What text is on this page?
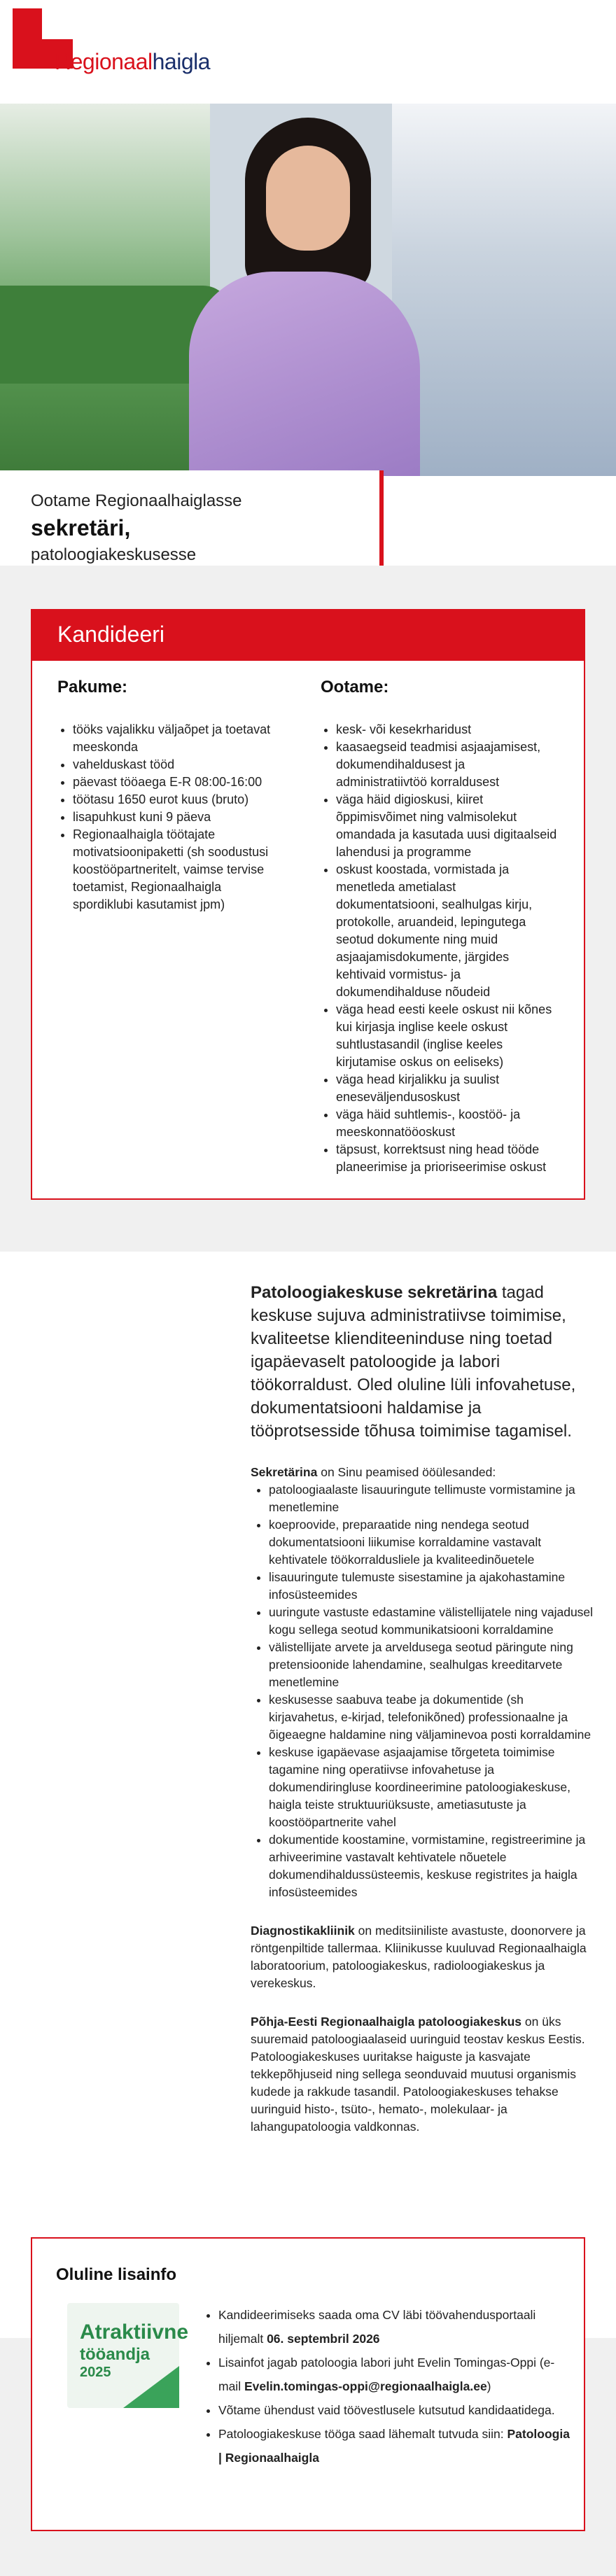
Regionaalhaigla
Ootame Regionaalhaiglasse
sekretäri,
patoloogiakeskusesse
Kandideeri
Pakume:
• tööks vajalikku väljaõpet ja toetavat meeskonda
• vahelduskast tööd
• päevast tööaega E-R 08:00-16:00
• töötasu 1650 eurot kuus (bruto)
• lisapuhkust kuni 9 päeva
• Regionaalhaigla töötajate motivatsioonipaketti (sh soodustusi koostööpartneritelt, vaimse tervise toetamist, Regionaalhaigla spordiklubi kasutamist jpm)
Ootame:
• kesk- või kesekrharidust
• kaasaegseid teadmisi asjaajamisest, dokumendihaldusest ja administratiivtöö korraldusest
• väga häid digioskusi, kiiret õppimisvõimet ning valmisolekut omandada ja kasutada uusi digitaalseid lahendusi ja programme
• oskust koostada, vormistada ja menetleda ametialast dokumentatsiooni, sealhulgas kirju, protokolle, aruandeid, lepingutega seotud dokumente ning muid asjaajamisdokumente, järgides kehtivaid vormistus- ja dokumendihalduse nõudeid
• väga head eesti keele oskust nii kõnes kui kirjasja inglise keele oskust suhtlustasandil (inglise keeles kirjutamise oskus on eeliseks)
• väga head kirjalikku ja suulist eneseväljendusoskust
• väga häid suhtlemis-, koostöö- ja meeskonnatööoskust
• täpsust, korrektsust ning head tööde planeerimise ja prioriseerimise oskust

Patoloogiakeskuse sekretärina tagad keskuse sujuva administratiivse toimimise, kvaliteetse klienditeeninduse ning toetad igapäevaselt patoloogide ja labori töökorraldust. Oled oluline lüli infovahetuse, dokumentatsiooni haldamise ja tööprotsesside tõhusa toimimise tagamisel.

Sekretärina on Sinu peamised ööülesanded:

• patoloogiaalaste lisauuringute tellimuste vormistamine ja menetlemine
• koeproovide, preparaatide ning nendega seotud dokumentatsiooni liikumise korraldamine vastavalt kehtivatele töökorraldusliele ja kvaliteedinõuetele
• lisauuringute tulemuste sisestamine ja ajakohastamine infosüsteemides
• uuringute vastuste edastamine välistellijatele ning vajadusel kogu sellega seotud kommunikatsiooni korraldamine
• välistellijate arvete ja arveldusega seotud päringute ning pretensioonide lahendamine, sealhulgas kreeditarvete menetlemine
• keskusesse saabuva teabe ja dokumentide (sh kirjavahetus, e-kirjad, telefonikõned) professionaalne ja õigeaegne haldamine ning väljaminevoa posti korraldamine
• keskuse igapäevase asjaajamise tõrgeteta toimimise tagamine ning operatiivse infovahetuse ja dokumendiringluse koordineerimine patoloogiakeskuse, haigla teiste struktuuriüksuste, ametiasutuste ja koostööpartnerite vahel
• dokumentide koostamine, vormistamine, registreerimine ja arhiveerimine vastavalt kehtivatele nõuetele dokumendihaldussüsteemis, keskuse registrites ja haigla infosüsteemides

Diagnostikakliinik on meditsiiniliste avastuste, doonorvere ja röntgenpiltide tallermaa. Kliinikusse kuuluvad Regionaalhaigla laboratoorium, patoloogiakeskus, radioloogiakeskus ja verekeskus.

Põhja-Eesti Regionaalhaigla patoloogiakeskus on üks suuremaid patoloogiaalaseid uuringuid teostav keskus Eestis. Patoloogiakeskuses uuritakse haiguste ja kasvajate tekkepõhjuseid ning sellega seonduvaid muutusi organismis kudede ja rakkude tasandil. Patoloogiakeskuses tehakse uuringuid histo-, tsüto-, hemato-, molekulaar- ja lahangupatoloogia valdkonnas.

Oluline lisainfo
Atraktiivne
tööandja
2025
• Kandideerimiseks saada oma CV läbi töövahendusportaali hiljemalt 06. septembril 2026
• Lisainfot jagab patoloogia labori juht Evelin Tomingas-Oppi (e-mail Evelin.tomingas-oppi@regionaalhaigla.ee)
• Võtame ühendust vaid töövestlusele kutsutud kandidaatidega.
• Patoloogiakeskuse tööga saad lähemalt tutvuda siin: Patoloogia | Regionaalhaigla
